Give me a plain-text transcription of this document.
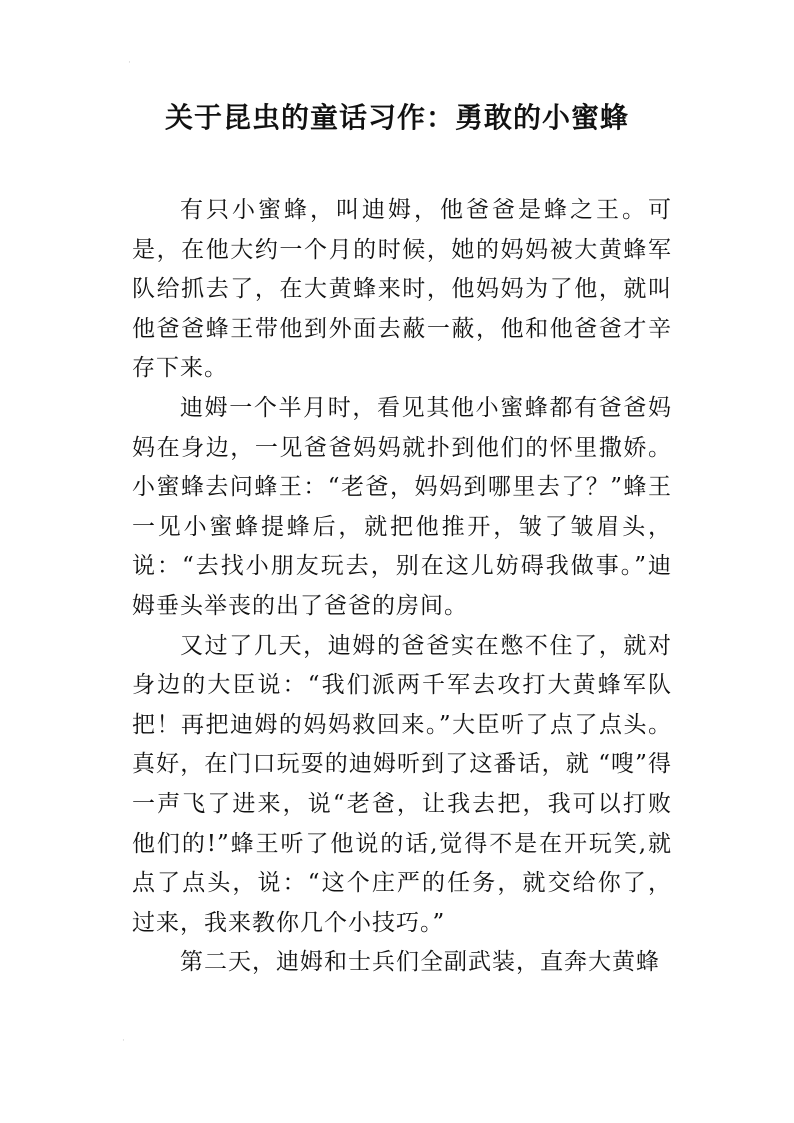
·
关于昆虫的童话习作：勇敢的小蜜蜂

有只小蜜蜂，叫迪姆，他爸爸是蜂之王。可是，在他大约一个月的时候，她的妈妈被大黄蜂军队给抓去了，在大黄蜂来时，他妈妈为了他，就叫他爸爸蜂王带他到外面去蔽一蔽，他和他爸爸才辛存下来。

迪姆一个半月时，看见其他小蜜蜂都有爸爸妈妈在身边，一见爸爸妈妈就扑到他们的怀里撒娇。小蜜蜂去问蜂王：“老爸，妈妈到哪里去了？”蜂王一见小蜜蜂提蜂后，就把他推开，皱了皱眉头，说：“去找小朋友玩去，别在这儿妨碍我做事。”迪姆垂头举丧的出了爸爸的房间。

又过了几天，迪姆的爸爸实在憋不住了，就对身边的大臣说：“我们派两千军去攻打大黄蜂军队把！再把迪姆的妈妈救回来。”大臣听了点了点头。真好，在门口玩耍的迪姆听到了这番话，就 “嗖”得一声飞了进来，说“老爸，让我去把，我可以打败他们的!”蜂王听了他说的话,觉得不是在开玩笑,就点了点头，说：“这个庄严的任务，就交给你了，过来，我来教你几个小技巧。”

第二天，迪姆和士兵们全副武装，直奔大黄蜂

·
